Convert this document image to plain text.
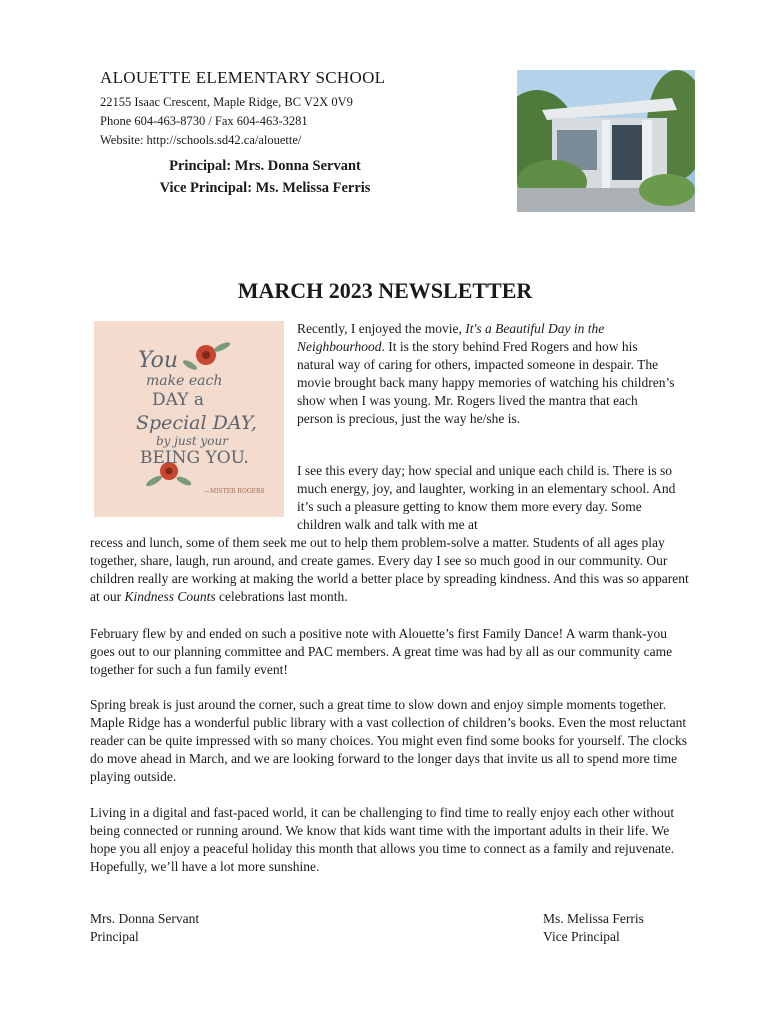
ALOUETTE ELEMENTARY SCHOOL
22155 Isaac Crescent, Maple Ridge, BC V2X 0V9
Phone 604-463-8730 / Fax 604-463-3281
Website: http://schools.sd42.ca/alouette/
Principal: Mrs. Donna Servant
Vice Principal: Ms. Melissa Ferris
MARCH 2023 NEWSLETTER
You
make each
DAY a
Special DAY,
by just your
BEING YOU.
—MISTER ROGERS
Recently, I enjoyed the movie, It's a Beautiful Day in the Neighbourhood. It is the story behind Fred Rogers and how his natural way of caring for others, impacted someone in despair. The movie brought back many happy memories of watching his children’s show when I was young. Mr. Rogers lived the mantra that each person is precious, just the way he/she is.
I see this every day; how special and unique each child is. There is so much energy, joy, and laughter, working in an elementary school. And it’s such a pleasure getting to know them more every day. Some children walk and talk with me at
recess and lunch, some of them seek me out to help them problem-solve a matter. Students of all ages play together, share, laugh, run around, and create games. Every day I see so much good in our community. Our children really are working at making the world a better place by spreading kindness. And this was so apparent at our Kindness Counts celebrations last month.
February flew by and ended on such a positive note with Alouette’s first Family Dance! A warm thank-you goes out to our planning committee and PAC members. A great time was had by all as our community came together for such a fun family event!
Spring break is just around the corner, such a great time to slow down and enjoy simple moments together. Maple Ridge has a wonderful public library with a vast collection of children’s books. Even the most reluctant reader can be quite impressed with so many choices. You might even find some books for yourself. The clocks do move ahead in March, and we are looking forward to the longer days that invite us all to spend more time playing outside.
Living in a digital and fast-paced world, it can be challenging to find time to really enjoy each other without being connected or running around. We know that kids want time with the important adults in their life. We hope you all enjoy a peaceful holiday this month that allows you time to connect as a family and rejuvenate. Hopefully, we’ll have a lot more sunshine.
Mrs. Donna Servant
Principal
Ms. Melissa Ferris
Vice Principal
